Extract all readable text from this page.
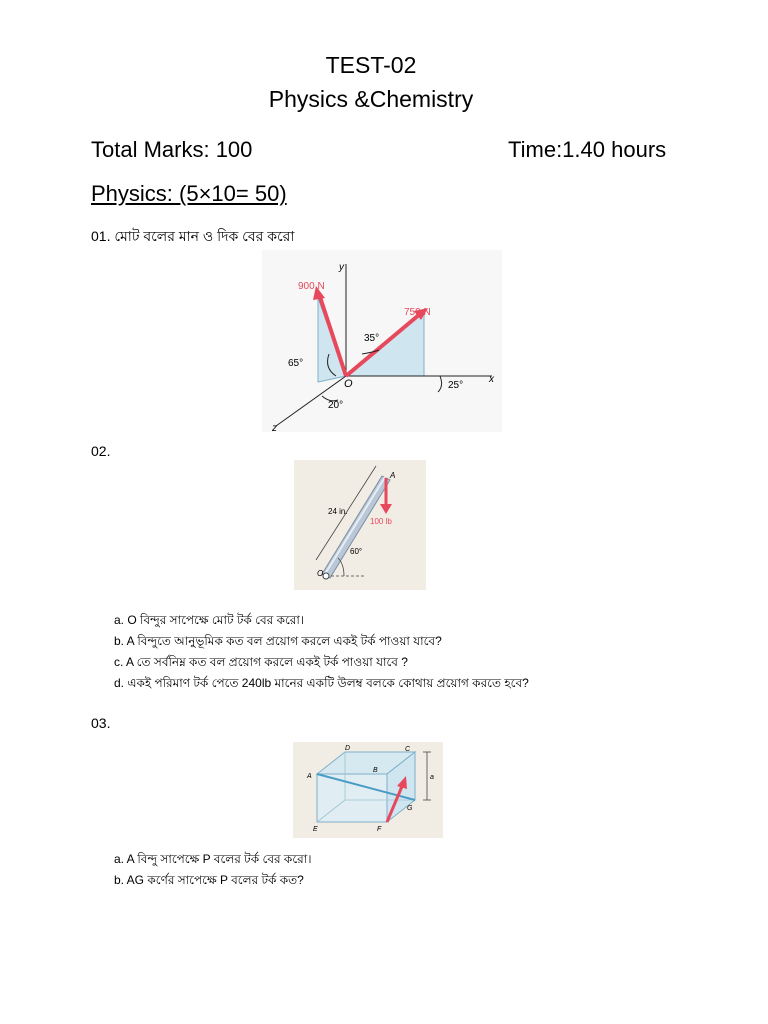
TEST-02
Physics &Chemistry
Total Marks: 100	Time:1.40 hours
Physics: (5×10= 50)
01. মোট বলের মান ও দিক বের করো
900 N
750 N
35°
65°
20°
25°
y
x
z
O
02.
24 in.
100 lb
60°
A
O
a. O বিন্দুর সাপেক্ষে মোট টর্ক বের করো।
b. A বিন্দুতে আনুভূমিক কত বল প্রয়োগ করলে একই টর্ক পাওয়া যাবে?
c. A তে সর্বনিম্ন কত বল প্রয়োগ করলে একই টর্ক পাওয়া যাবে ?
d. একই পরিমাণ টর্ক পেতে 240lb মানের একটি উলম্ব বলকে কোথায় প্রয়োগ করতে হবে?
03.
A
B
C
D
E	F
G
P
a
a. A বিন্দু সাপেক্ষে P বলের টর্ক বের করো।
b. AG কর্ণের সাপেক্ষে P বলের টর্ক কত?
